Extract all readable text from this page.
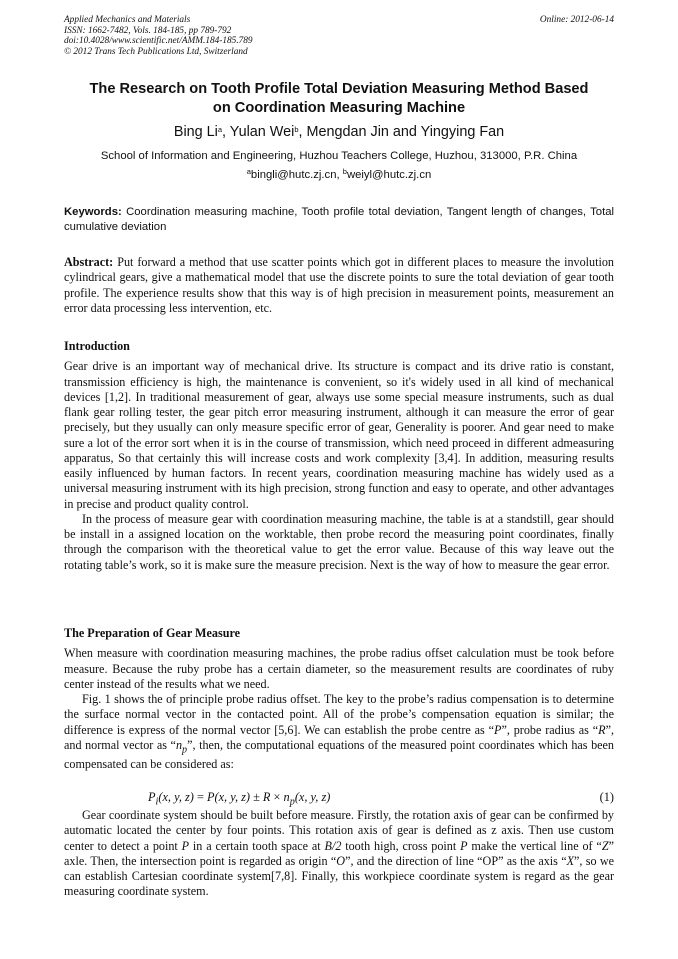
Applied Mechanics and Materials
ISSN: 1662-7482, Vols. 184-185, pp 789-792
doi:10.4028/www.scientific.net/AMM.184-185.789
© 2012 Trans Tech Publications Ltd, Switzerland
Online: 2012-06-14
The Research on Tooth Profile Total Deviation Measuring Method Based
on Coordination Measuring Machine
Bing Li$^a$, Yulan Wei$^b$, Mengdan Jin and Yingying Fan
School of Information and Engineering, Huzhou Teachers College, Huzhou, 313000, P.R. China
$^a$bingli@hutc.zj.cn, $^b$weiyl@hutc.zj.cn
Keywords: Coordination measuring machine, Tooth profile total deviation, Tangent length of changes, Total cumulative deviation

Abstract: Put forward a method that use scatter points which got in different places to measure the involution cylindrical gears, give a mathematical model that use the discrete points to sure the total deviation of gear tooth profile. The experience results show that this way is of high precision in measurement points, measurement an error data processing less intervention, etc.

Introduction

Gear drive is an important way of mechanical drive. Its structure is compact and its drive ratio is constant, transmission efficiency is high, the maintenance is convenient, so it's widely used in all kind of mechanical devices [1,2]. In traditional measurement of gear, always use some special measure instruments, such as dual flank gear rolling tester, the gear pitch error measuring instrument, although it can measure the error of gear precisely, but they usually can only measure specific error of gear, Generality is poorer. And gear need to make sure a lot of the error sort when it is in the course of transmission, which need proceed in different admeasuring apparatus, So that certainly this will increase costs and work complexity [3,4]. In addition, measuring results easily influenced by human factors. In recent years, coordination measuring machine has widely used as a universal measuring instrument with its high precision, strong function and easy to operate, and other advantages in precise and product quality control.

In the process of measure gear with coordination measuring machine, the table is at a standstill, gear should be install in a assigned location on the worktable, then probe record the measuring point coordinates, finally through the comparison with the theoretical value to get the error value. Because of this way leave out the rotating table’s work, so it is make sure the measure precision. Next is the way of how to measure the gear error.

The Preparation of Gear Measure

When measure with coordination measuring machines, the probe radius offset calculation must be took before measure. Because the ruby probe has a certain diameter, so the measurement results are coordinates of ruby center instead of the results what we need.

Fig. 1 shows the of principle probe radius offset. The key to the probe’s radius compensation is to determine the surface normal vector in the contacted point. All of the probe’s compensation equation is similar; the difference is express of the normal vector [5,6]. We can establish the probe centre as “P”, probe radius as “R”, and normal vector as “$n_p$”, then, the computational equations of the measured point coordinates which has been compensated can be considered as:

$P_i(x$, y, z) = P(x, y, $z) \pm R \times n_p(x$, y, z)	(1)

Gear coordinate system should be built before measure. Firstly, the rotation axis of gear can be confirmed by automatic located the center by four points. This rotation axis of gear is defined as z axis. Then use custom center to detect a point P in a certain tooth space at B/2 tooth high, cross point P make the vertical line of “Z” axle. Then, the intersection point is regarded as origin “O”, and the direction of line “OP” as the axis “X”, so we can establish Cartesian coordinate system[7,8]. Finally, this workpiece coordinate system is regard as the gear measuring coordinate system.
